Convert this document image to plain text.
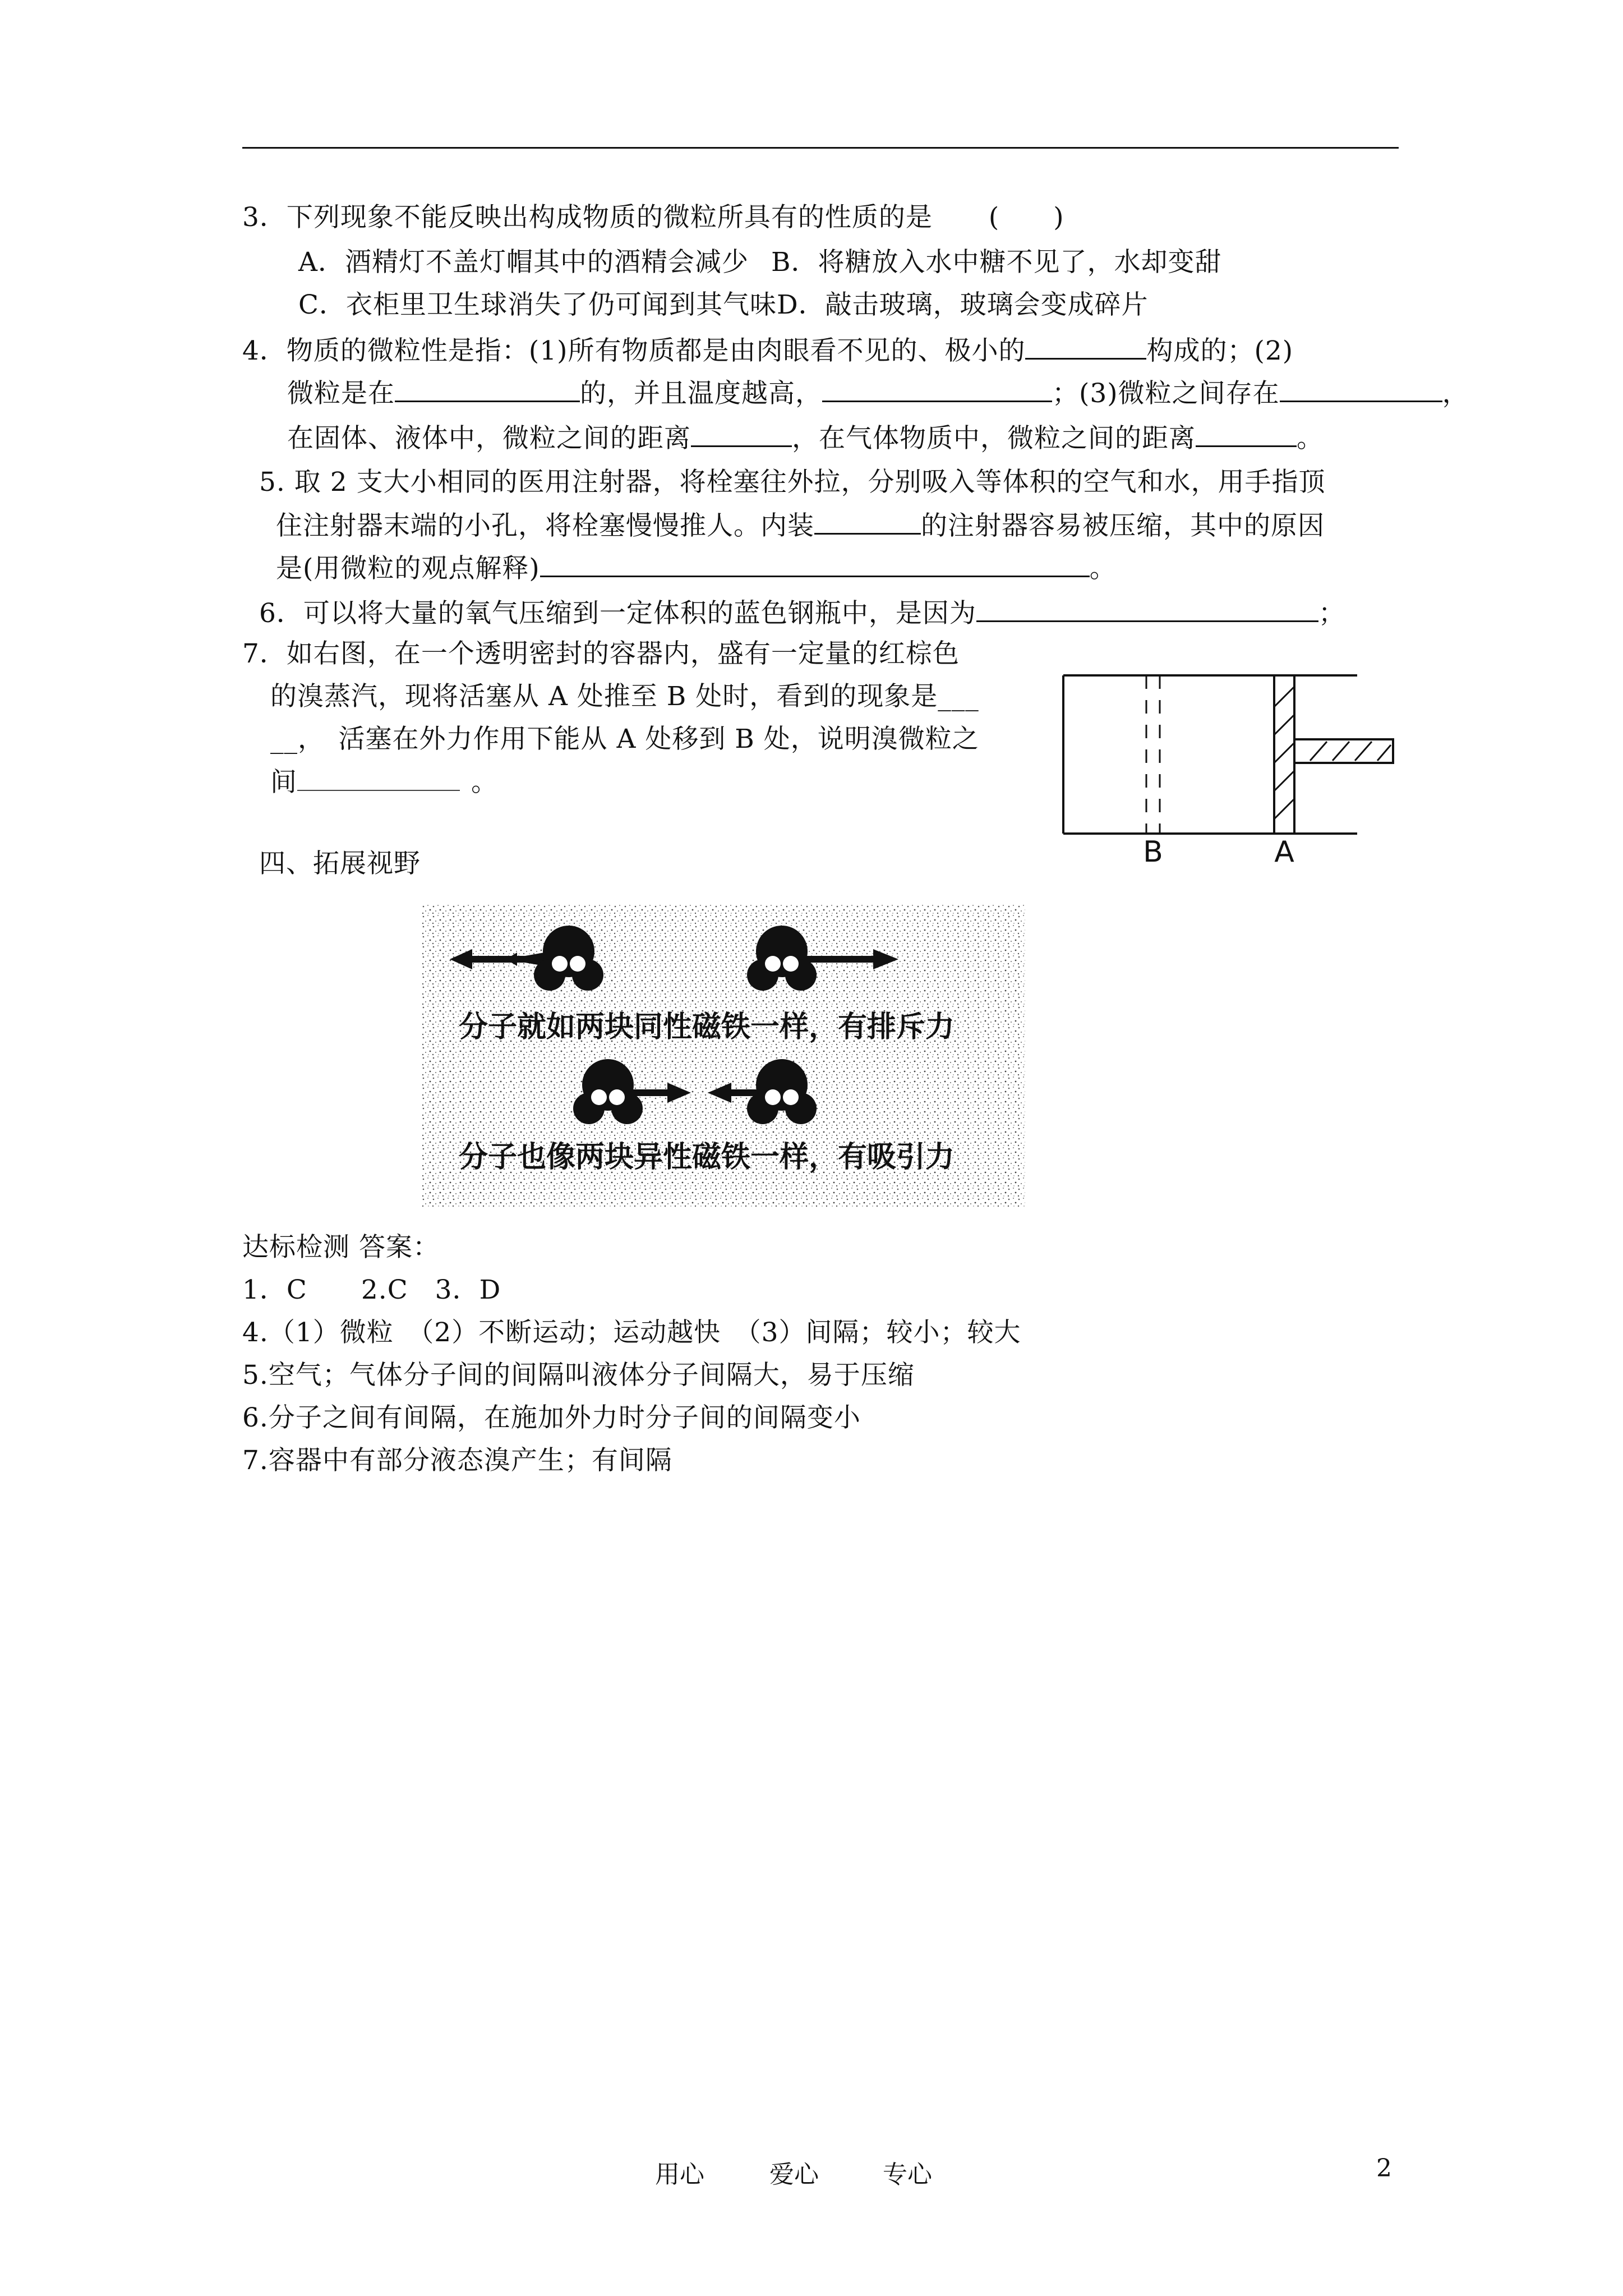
3．下列现象不能反映出构成物质的微粒所具有的性质的是 (　　)
A．酒精灯不盖灯帽其中的酒精会减少 B．将糖放入水中糖不见了，水却变甜
C．衣柜里卫生球消失了仍可闻到其气味D．敲击玻璃，玻璃会变成碎片
4．物质的微粒性是指：(1)所有物质都是由肉眼看不见的、极小的	构成的；(2)
微粒是在	的，并且温度越高，	；(3)微粒之间存在	，
在固体、液体中，微粒之间的距离	，在气体物质中，微粒之间的距离	。
5. 取 2 支大小相同的医用注射器，将栓塞往外拉，分别吸入等体积的空气和水，用手指顶
住注射器末端的小孔，将栓塞慢慢推人。内装	的注射器容易被压缩，其中的原因
是(用微粒的观点解释)	。
6．可以将大量的氧气压缩到一定体积的蓝色钢瓶中，是因为	；
7．如右图，在一个透明密封的容器内，盛有一定量的红棕色
的溴蒸汽，现将活塞从 A 处推至 B 处时，看到的现象是___
__，　活塞在外力作用下能从 A 处移到 B 处，说明溴微粒之
间	。
B	A
四、拓展视野
分子就如两块同性磁铁一样，有排斥力
分子也像两块异性磁铁一样，有吸引力
达标检测 答案：
1．C　　2.C　3．D
4.（1）微粒　（2）不断运动；运动越快　（3）间隔；较小；较大
5.空气；气体分子间的间隔叫液体分子间隔大，易于压缩
6.分子之间有间隔，在施加外力时分子间的间隔变小
7.容器中有部分液态溴产生；有间隔
用心	爱心	专心	2
